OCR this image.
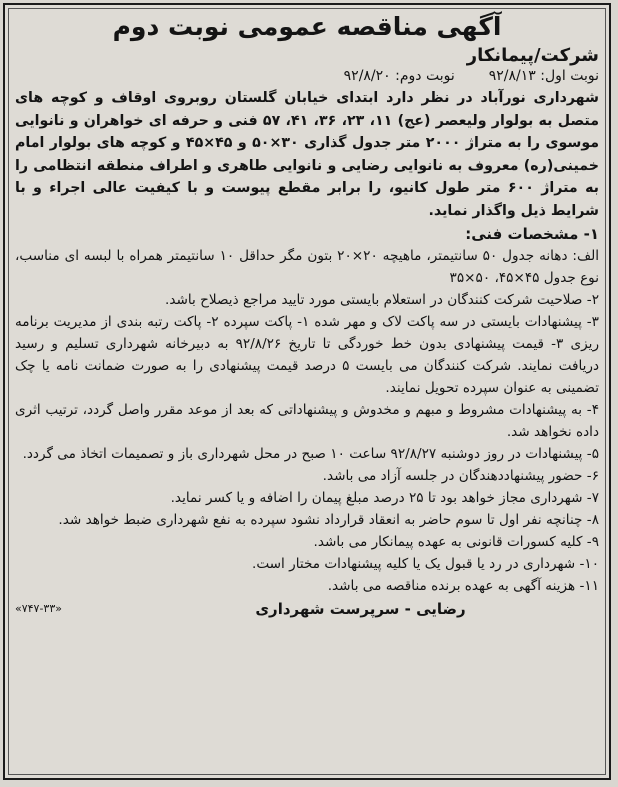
آگهی مناقصه عمومی نوبت دوم
شرکت/پیمانکار
نوبت اول: ۹۲/۸/۱۳
نوبت دوم: ۹۲/۸/۲۰

شهرداری نورآباد در نظر دارد ابتدای خیابان گلستان روبروی اوقاف و کوچه های متصل به بولوار ولیعصر (عج) ۱۱، ۲۳، ۳۶، ۴۱، ۵۷ فنی و حرفه ای خواهران و نانوایی موسوی را به متراژ ۲۰۰۰ متر جدول گذاری ۳۰×۵۰ و ۴۵×۴۵ و کوچه های بولوار امام خمینی(ره) معروف به نانوایی رضایی و نانوایی طاهری و اطراف منطقه انتظامی را به متراژ ۶۰۰ متر طول کانیو، را برابر مقطع پیوست و با کیفیت عالی اجراء و با شرایط ذیل واگذار نماید.

۱- مشخصات فنی:

الف: دهانه جدول ۵۰ سانتیمتر، ماهیچه ۲۰×۲۰ بتون مگر حداقل ۱۰ سانتیمتر همراه با لبسه ای مناسب، نوع جدول ۴۵×۴۵، ۵۰×۳۵

۲- صلاحیت شرکت کنندگان در استعلام بایستی مورد تایید مراجع ذیصلاح باشد.

۳- پیشنهادات بایستی در سه پاکت لاک و مهر شده ۱- پاکت سپرده ۲- پاکت رتبه بندی از مدیریت برنامه ریزی ۳- قیمت پیشنهادی بدون خط خوردگی تا تاریخ ۹۲/۸/۲۶ به دبیرخانه شهرداری تسلیم و رسید دریافت نمایند. شرکت کنندگان می بایست ۵ درصد قیمت پیشنهادی را به صورت ضمانت نامه یا چک تضمینی به عنوان سپرده تحویل نمایند.

۴- به پیشنهادات مشروط و مبهم و مخدوش و پیشنهاداتی که بعد از موعد مقرر واصل گردد، ترتیب اثری داده نخواهد شد.

۵- پیشنهادات در روز دوشنبه ۹۲/۸/۲۷ ساعت ۱۰ صبح در محل شهرداری باز و تصمیمات اتخاذ می گردد.

۶- حضور پیشنهاددهندگان در جلسه آزاد می باشد.

۷- شهرداری مجاز خواهد بود تا ۲۵ درصد مبلغ پیمان را اضافه و یا کسر نماید.

۸- چنانچه نفر اول تا سوم حاضر به انعقاد قرارداد نشود سپرده به نفع شهرداری ضبط خواهد شد.

۹- کلیه کسورات قانونی به عهده پیمانکار می باشد.

۱۰- شهرداری در رد یا قبول یک یا کلیه پیشنهادات مختار است.

۱۱- هزینه آگهی به عهده برنده مناقصه می باشد.

رضایی - سرپرست شهرداری
«۷۴۷-۳۳»
